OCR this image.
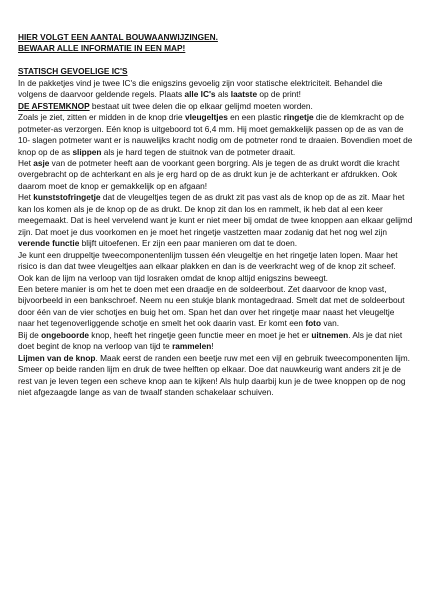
HIER VOLGT EEN AANTAL BOUWAANWIJZINGEN.

BEWAAR ALLE INFORMATIE IN EEN MAP!

STATISCH GEVOELIGE IC'S

In de pakketjes vind je twee IC's die enigszins gevoelig zijn voor statische elektriciteit. Behandel die volgens de daarvoor geldende regels. Plaats alle IC's als laatste op de print!

DE AFSTEMKNOP bestaat uit twee delen die op elkaar gelijmd moeten worden.

Zoals je ziet, zitten er midden in de knop drie vleugeltjes en een plastic ringetje die de klemkracht op de potmeter-as verzorgen. Eén knop is uitgeboord tot 6,4 mm. Hij moet gemakkelijk passen op de as van de 10- slagen potmeter want er is nauwelijks kracht nodig om de potmeter rond te draaien. Bovendien moet de knop op de as slippen als je hard tegen de stuitnok van de potmeter draait.

Het asje van de potmeter heeft aan de voorkant geen borgring. Als je tegen de as drukt wordt die kracht overgebracht op de achterkant en als je erg hard op de as drukt kun je de achterkant er afdrukken. Ook daarom moet de knop er gemakkelijk op en afgaan!

Het kunststofringetje dat de vleugeltjes tegen de as drukt zit pas vast als de knop op de as zit. Maar het kan los komen als je de knop op de as drukt. De knop zit dan los en rammelt, ik heb dat al een keer meegemaakt. Dat is heel vervelend want je kunt er niet meer bij omdat de twee knoppen aan elkaar gelijmd zijn. Dat moet je dus voorkomen en je moet het ringetje vastzetten maar zodanig dat het nog wel zijn verende functie blijft uitoefenen. Er zijn een paar manieren om dat te doen.

Je kunt een druppeltje tweecomponentenlijm tussen één vleugeltje en het ringetje laten lopen. Maar het risico is dan dat twee vleugeltjes aan elkaar plakken en dan is de veerkracht weg of de knop zit scheef. Ook kan de lijm na verloop van tijd losraken omdat de knop altijd enigszins beweegt.

Een betere manier is om het te doen met een draadje en de soldeerbout. Zet daarvoor de knop vast, bijvoorbeeld in een bankschroef. Neem nu een stukje blank montagedraad. Smelt dat met de soldeerbout door één van de vier schotjes en buig het om. Span het dan over het ringetje maar naast het vleugeltje naar het tegenoverliggende schotje en smelt het ook daarin vast. Er komt een foto van.

Bij de ongeboorde knop, heeft het ringetje geen functie meer en moet je het er uitnemen. Als je dat niet doet begint de knop na verloop van tijd te rammelen!

Lijmen van de knop. Maak eerst de randen een beetje ruw met een vijl en gebruik tweecomponenten lijm. Smeer op beide randen lijm en druk de twee helften op elkaar. Doe dat nauwkeurig want anders zit je de rest van je leven tegen een scheve knop aan te kijken! Als hulp daarbij kun je de twee knoppen op de nog niet afgezaagde lange as van de twaalf standen schakelaar schuiven.
